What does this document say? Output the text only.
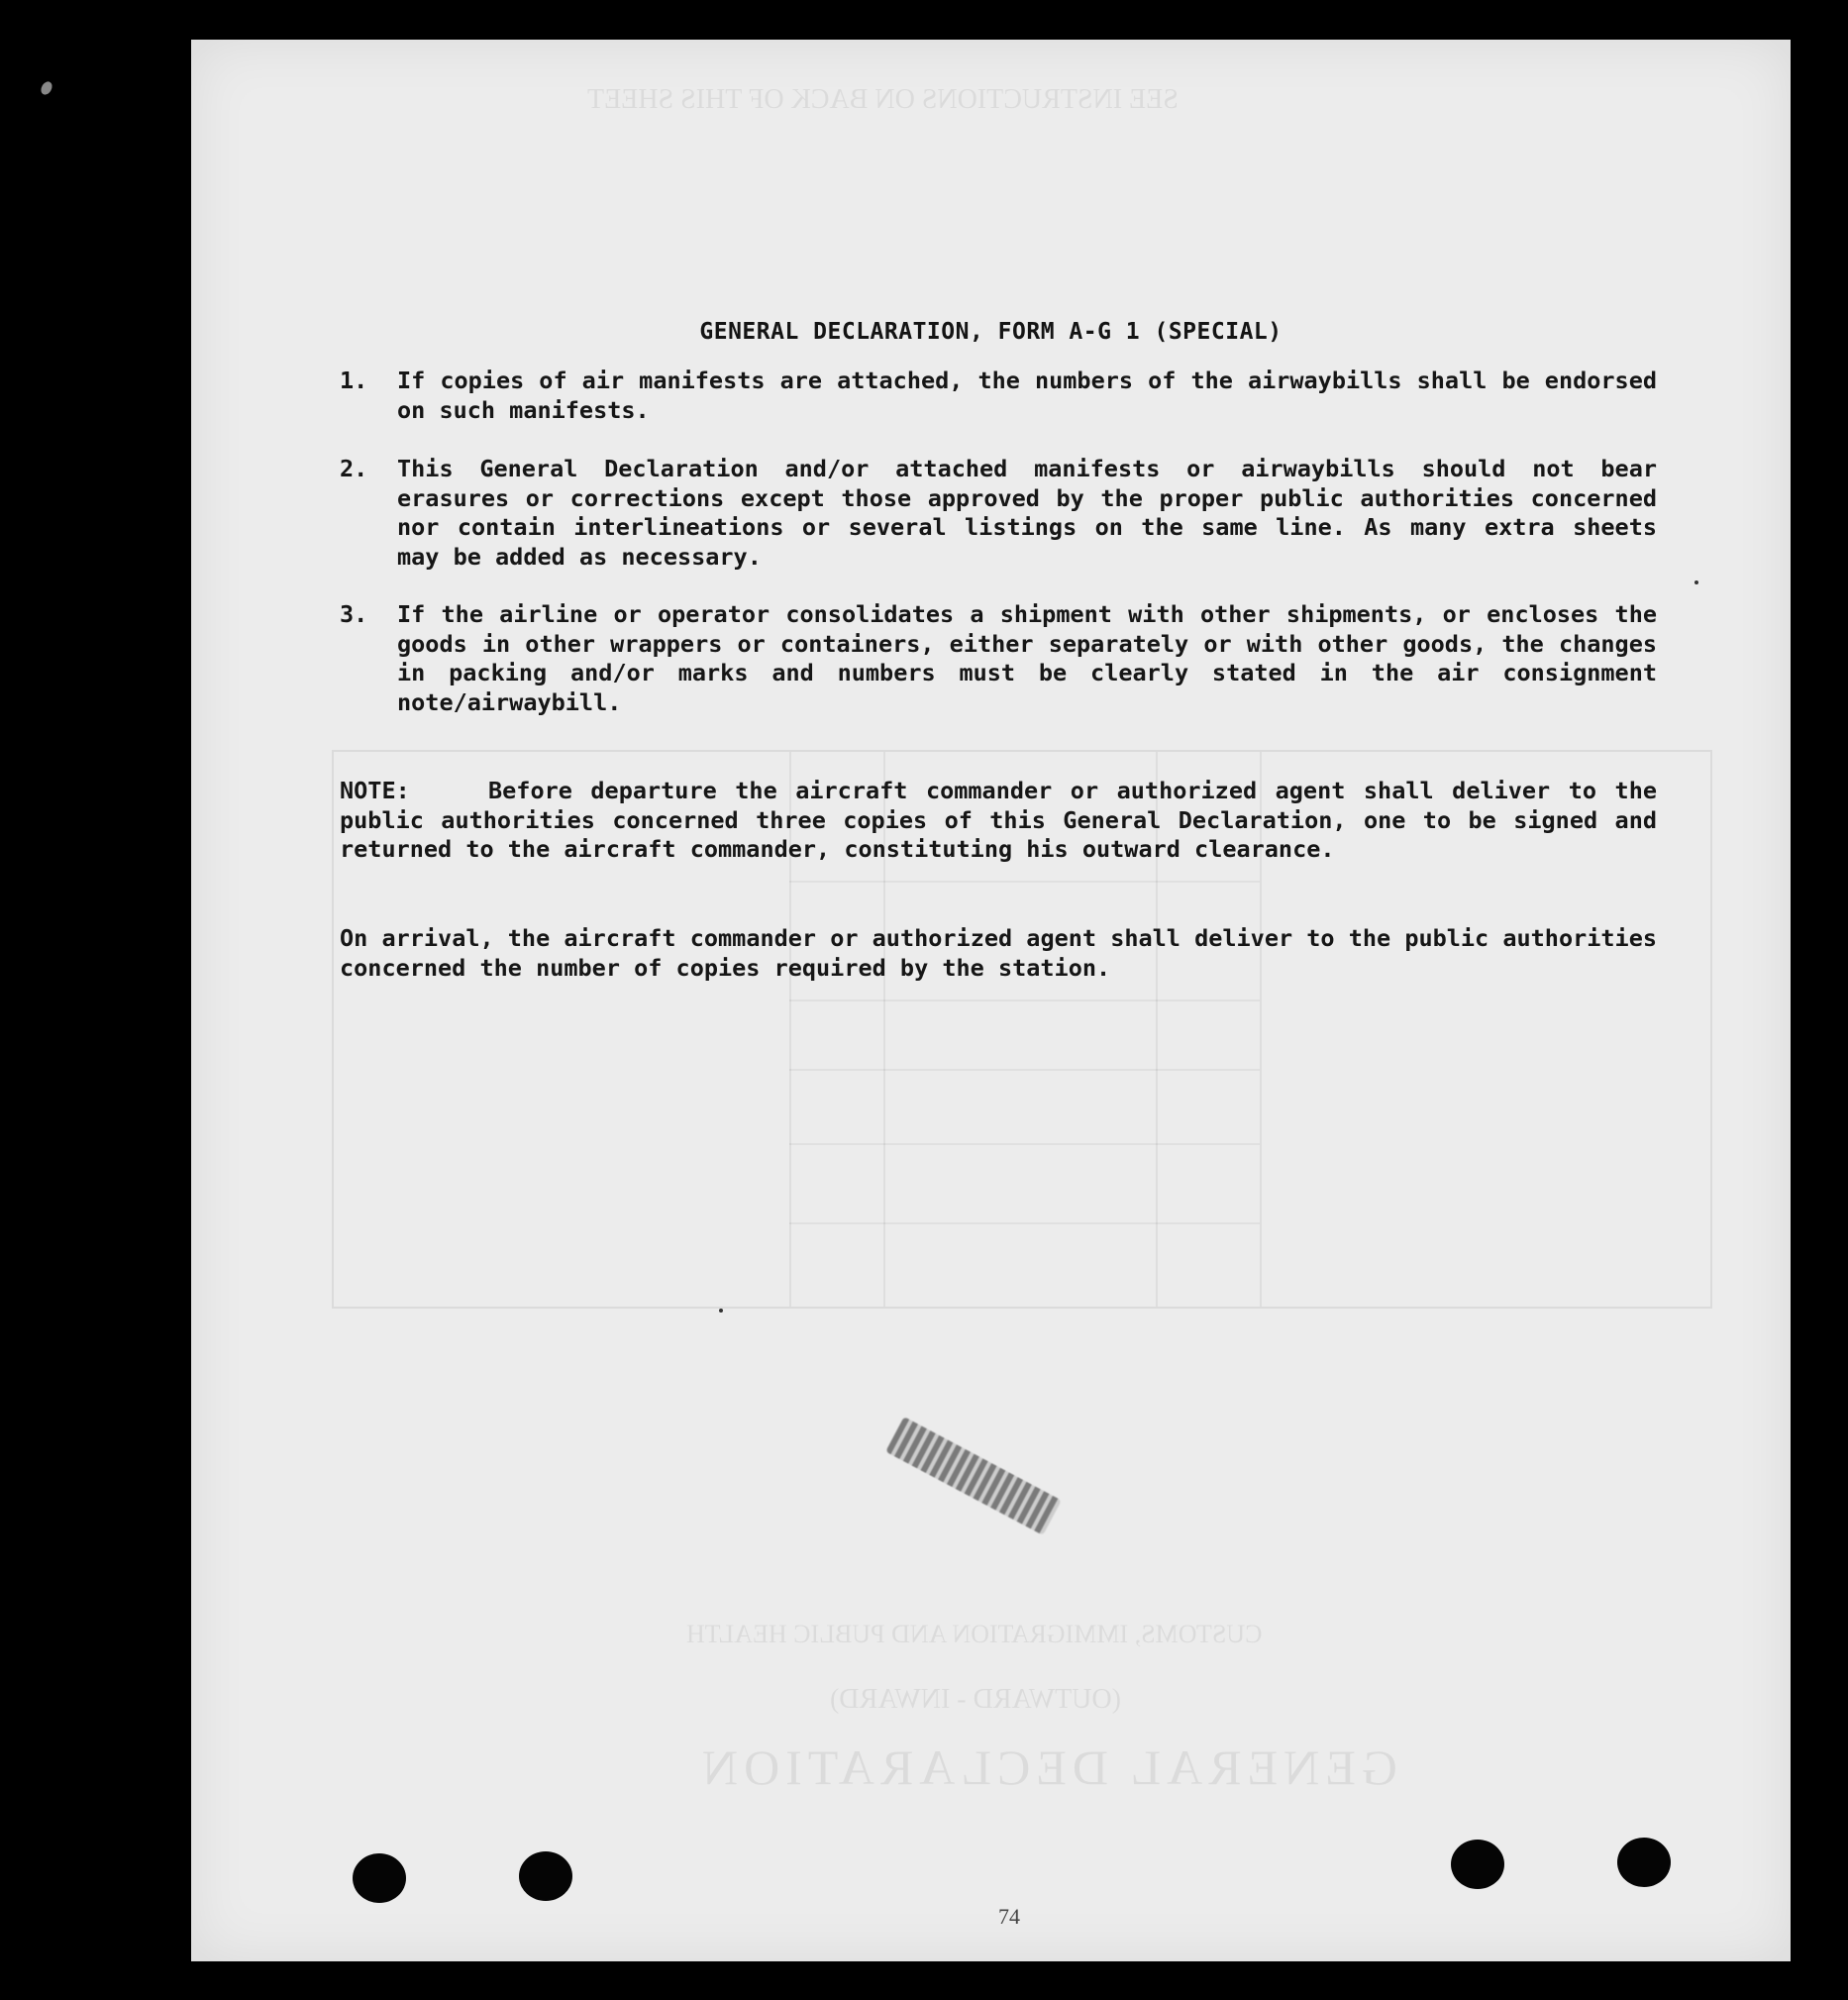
SEE INSTRUCTIONS ON BACK OF THIS SHEET
CUSTOMS, IMMIGRATION AND PUBLIC HEALTH
(OUTWARD - INWARD)
GENERAL DECLARATION
GENERAL DECLARATION, FORM A-G 1 (SPECIAL)
1.	If copies of air manifests are attached, the numbers of the airwaybills shall be endorsed on such manifests.
2.	This General Declaration and/or attached manifests or airwaybills should not bear erasures or corrections except those approved by the proper public authorities concerned nor contain interlineations or several listings on the same line. As many extra sheets may be added as necessary.
3.	If the airline or operator consolidates a shipment with other shipments, or encloses the goods in other wrappers or containers, either separately or with other goods, the changes in packing and/or marks and numbers must be clearly stated in the air consignment note/airwaybill.
NOTE:	Before departure the aircraft commander or authorized agent shall deliver to the public authorities concerned three copies of this General Declaration, one to be signed and returned to the aircraft commander, constituting his outward clearance.
On arrival, the aircraft commander or authorized agent shall deliver to the public authorities concerned the number of copies required by the station.
74
